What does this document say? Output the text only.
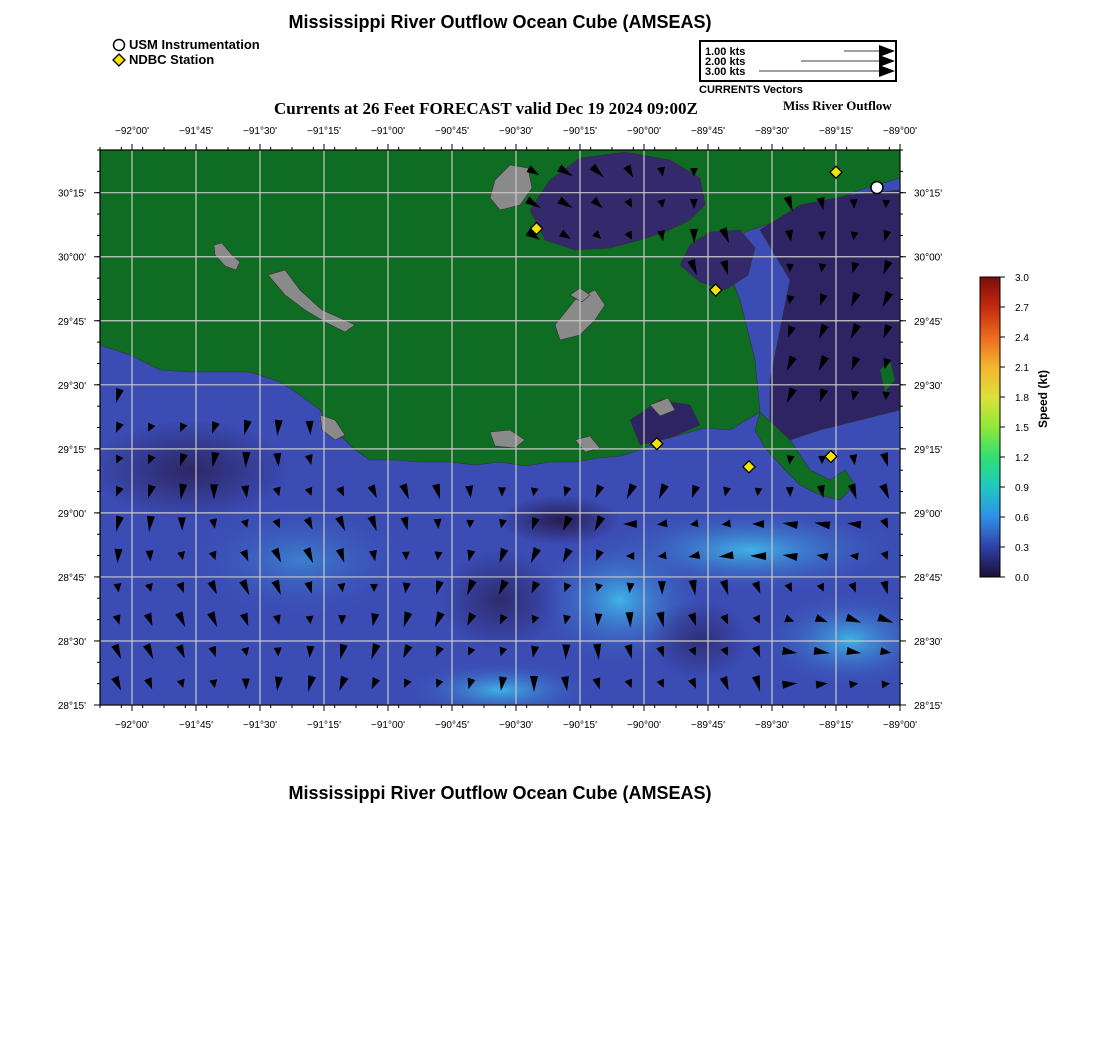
−92°00'	−91°45'	−91°30'	−91°15'	−91°00'	−90°45'	−90°30'	−90°15'	−90°00'	−89°45'	−89°30'	−89°15'	−89°00'
−92°00'	−91°45'	−91°30'	−91°15'	−91°00'	−90°45'	−90°30'	−90°15'	−90°00'	−89°45'	−89°30'	−89°15'	−89°00'
30°15'
30°00'
29°45'
29°30'
29°15'
29°00'
28°45'
28°30'
28°15'
30°15'
30°00'
29°45'
29°30'
29°15'
29°00'
28°45'
28°30'
28°15'
3.0
2.7
2.4
2.1
1.8
1.5
1.2
0.9
0.6
0.3
0.0
Mississippi River Outflow Ocean Cube (AMSEAS)
USM Instrumentation
NDBC Station	1.00 kts
2.00 kts
3.00 kts
CURRENTS Vectors
Currents at 26 Feet FORECAST valid Dec 19 2024 09:00Z	Miss River Outflow
Speed (kt)
Mississippi River Outflow Ocean Cube (AMSEAS)
